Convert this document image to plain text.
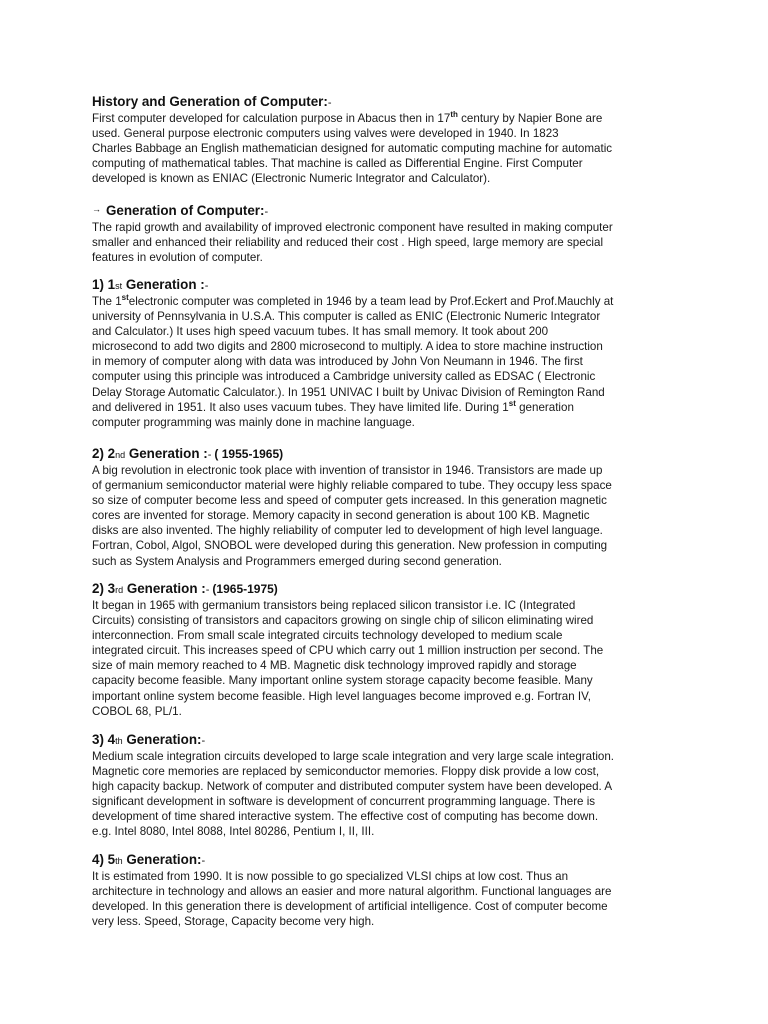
History and Generation of Computer:-
First computer developed for calculation purpose in Abacus then in 17th century by Napier Bone are
used. General purpose electronic computers using valves were developed in 1940. In 1823
Charles Babbage an English mathematician designed for automatic computing machine for automatic
computing of mathematical tables. That machine is called as Differential Engine. First Computer
developed is known as ENIAC (Electronic Numeric Integrator and Calculator).
→ Generation of Computer:-
The rapid growth and availability of improved electronic component have resulted in making computer
smaller and enhanced their reliability and reduced their cost . High speed, large memory are special
features in evolution of computer.
1) 1st Generation :-
The 1stelectronic computer was completed in 1946 by a team lead by Prof.Eckert and Prof.Mauchly at
university of Pennsylvania in U.S.A. This computer is called as ENIC (Electronic Numeric Integrator
and Calculator.) It uses high speed vacuum tubes. It has small memory. It took about 200
microsecond to add two digits and 2800 microsecond to multiply. A idea to store machine instruction
in memory of computer along with data was introduced by John Von Neumann in 1946. The first
computer using this principle was introduced a Cambridge university called as EDSAC ( Electronic
Delay Storage Automatic Calculator.). In 1951 UNIVAC I built by Univac Division of Remington Rand
and delivered in 1951. It also uses vacuum tubes. They have limited life. During 1st generation
computer programming was mainly done in machine language.
2) 2nd Generation :- ( 1955-1965)
A big revolution in electronic took place with invention of transistor in 1946. Transistors are made up
of germanium semiconductor material were highly reliable compared to tube. They occupy less space
so size of computer become less and speed of computer gets increased. In this generation magnetic
cores are invented for storage. Memory capacity in second generation is about 100 KB. Magnetic
disks are also invented. The highly reliability of computer led to development of high level language.
Fortran, Cobol, Algol, SNOBOL were developed during this generation. New profession in computing
such as System Analysis and Programmers emerged during second generation.
2) 3rd Generation :- (1965-1975)
It began in 1965 with germanium transistors being replaced silicon transistor i.e. IC (Integrated
Circuits) consisting of transistors and capacitors growing on single chip of silicon eliminating wired
interconnection. From small scale integrated circuits technology developed to medium scale
integrated circuit. This increases speed of CPU which carry out 1 million instruction per second. The
size of main memory reached to 4 MB. Magnetic disk technology improved rapidly and storage
capacity become feasible. Many important online system storage capacity become feasible. Many
important online system become feasible. High level languages become improved e.g. Fortran IV,
COBOL 68, PL/1.
3) 4th Generation:-
Medium scale integration circuits developed to large scale integration and very large scale integration.
Magnetic core memories are replaced by semiconductor memories. Floppy disk provide a low cost,
high capacity backup. Network of computer and distributed computer system have been developed. A
significant development in software is development of concurrent programming language. There is
development of time shared interactive system. The effective cost of computing has become down.
e.g. Intel 8080, Intel 8088, Intel 80286, Pentium I, II, III.
4) 5th Generation:-
It is estimated from 1990. It is now possible to go specialized VLSI chips at low cost. Thus an
architecture in technology and allows an easier and more natural algorithm. Functional languages are
developed. In this generation there is development of artificial intelligence. Cost of computer become
very less. Speed, Storage, Capacity become very high.
